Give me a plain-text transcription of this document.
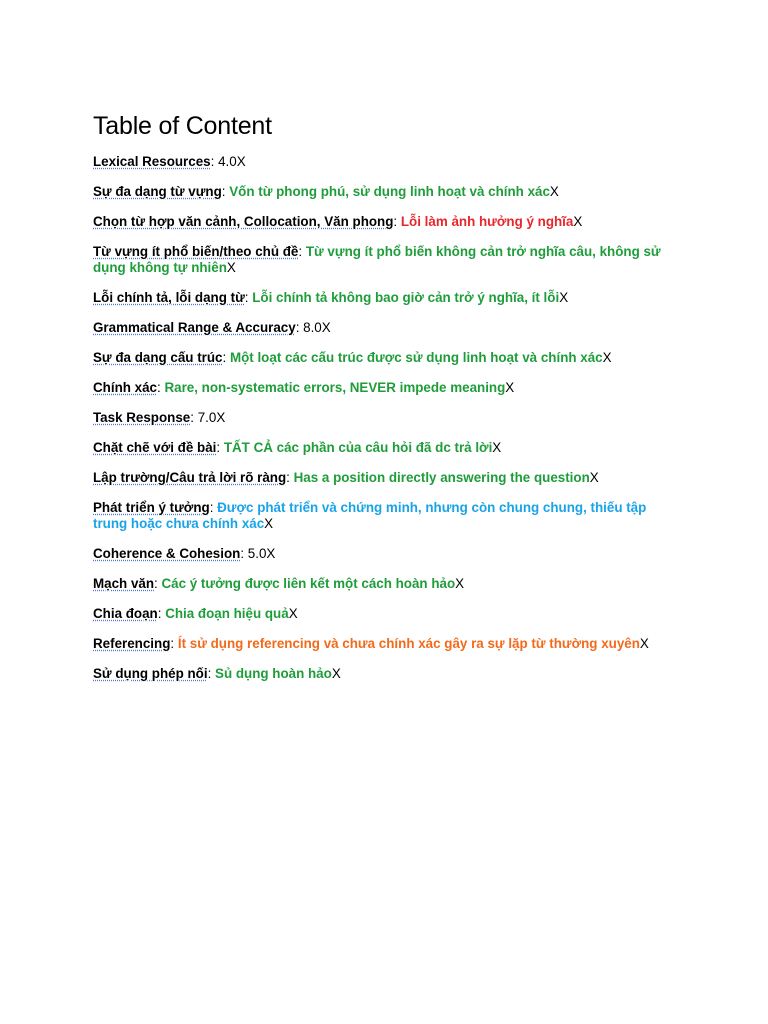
Table of Content

Lexical Resources: 4.0X

Sự đa dạng từ vựng: Vốn từ phong phú, sử dụng linh hoạt và chính xácX

Chọn từ hợp văn cảnh, Collocation, Văn phong: Lỗi làm ảnh hưởng ý nghĩaX

Từ vựng ít phổ biến/theo chủ đề: Từ vựng ít phổ biến không cản trở nghĩa câu, không sử dụng không tự nhiênX

Lỗi chính tả, lỗi dạng từ: Lỗi chính tả không bao giờ cản trở ý nghĩa, ít lỗiX

Grammatical Range & Accuracy: 8.0X

Sự đa dạng cấu trúc: Một loạt các cấu trúc được sử dụng linh hoạt và chính xácX

Chính xác: Rare, non-systematic errors, NEVER impede meaningX

Task Response: 7.0X

Chặt chẽ với đề bài: TẤT CẢ các phần của câu hỏi đã dc trả lờiX

Lập trường/Câu trả lời rõ ràng: Has a position directly answering the questionX

Phát triển ý tưởng: Được phát triển và chứng minh, nhưng còn chung chung, thiếu tập trung hoặc chưa chính xácX

Coherence & Cohesion: 5.0X

Mạch văn: Các ý tưởng được liên kết một cách hoàn hảoX

Chia đoạn: Chia đoạn hiệu quảX

Referencing: Ít sử dụng referencing và chưa chính xác gây ra sự lặp từ thường xuyênX

Sử dụng phép nối: Sủ dụng hoàn hảoX
